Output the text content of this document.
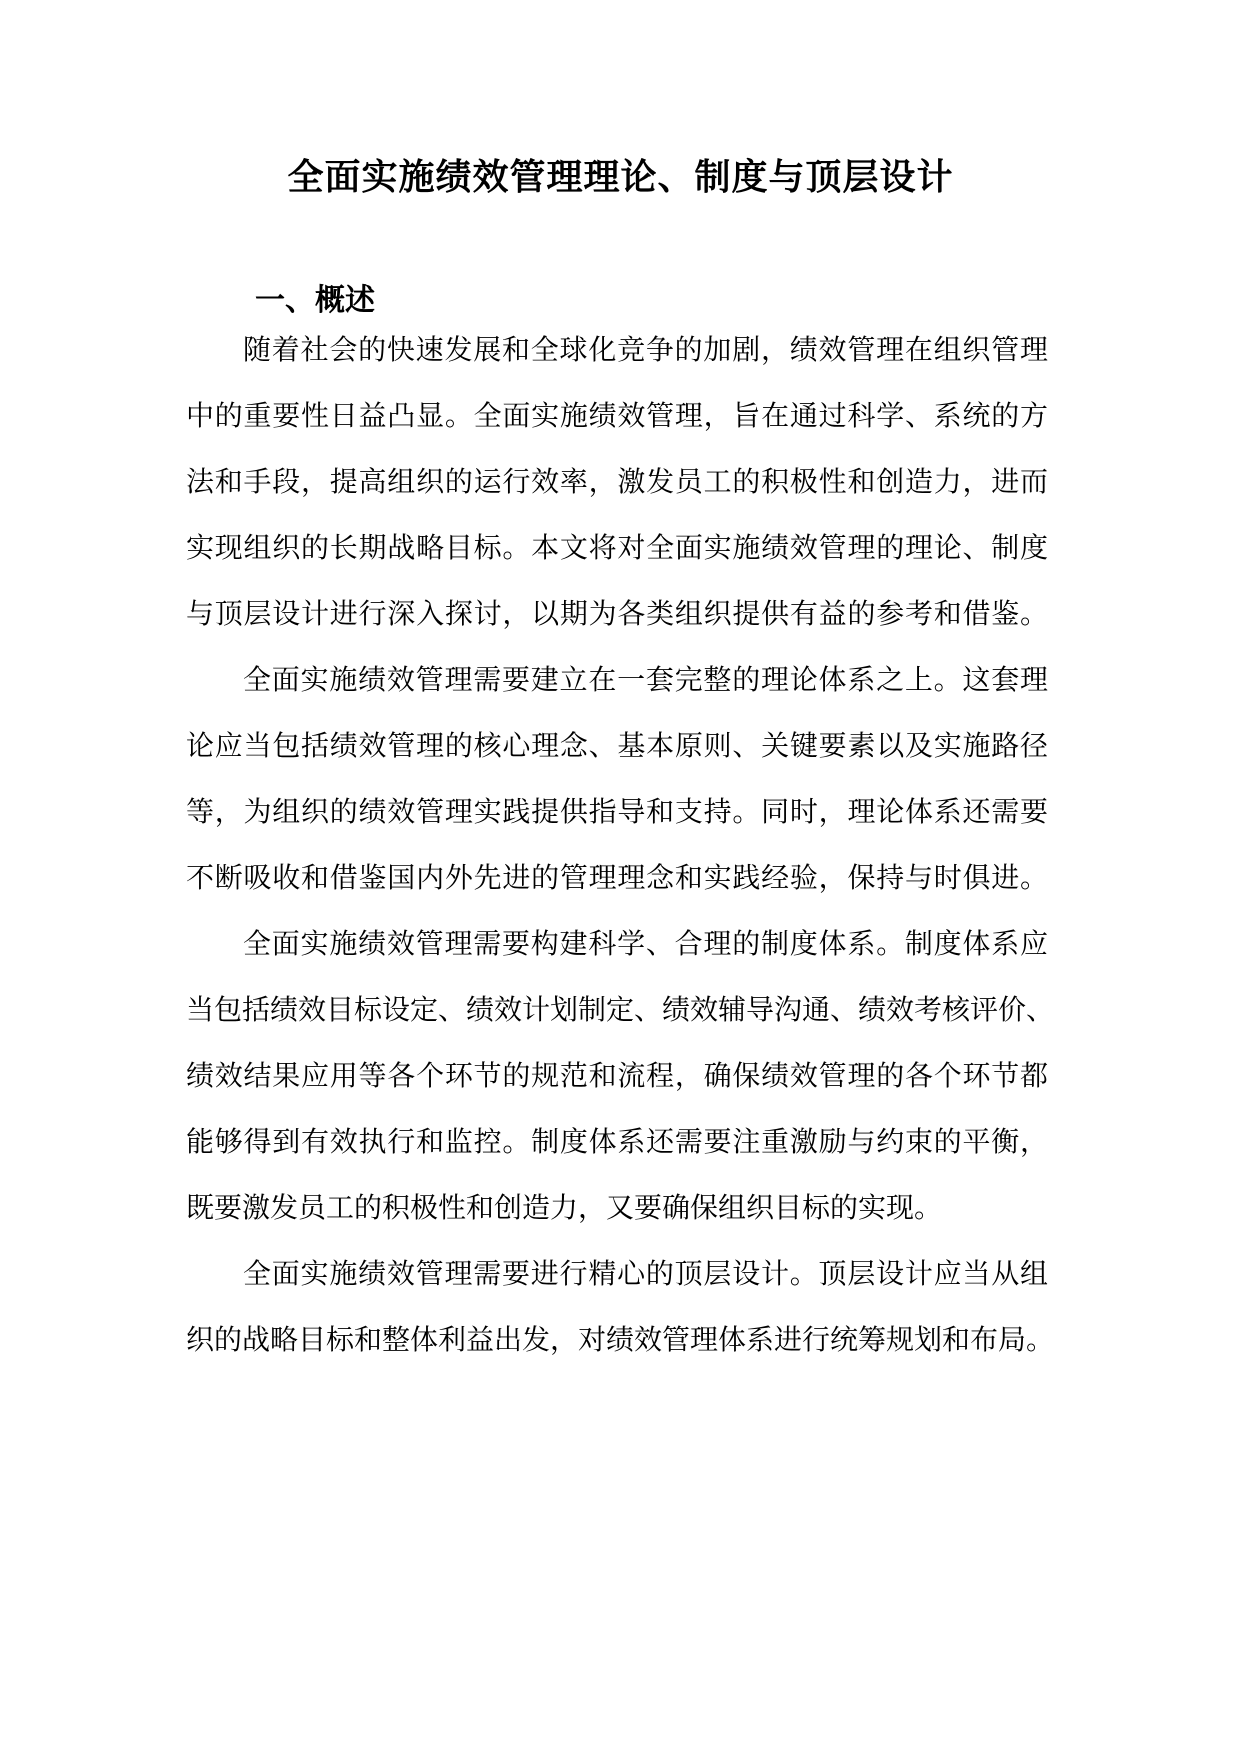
全面实施绩效管理理论、制度与顶层设计
一、概述
随着社会的快速发展和全球化竞争的加剧，绩效管理在组织管理
中的重要性日益凸显。全面实施绩效管理，旨在通过科学、系统的方
法和手段，提高组织的运行效率，激发员工的积极性和创造力，进而
实现组织的长期战略目标。本文将对全面实施绩效管理的理论、制度
与顶层设计进行深入探讨，以期为各类组织提供有益的参考和借鉴。
全面实施绩效管理需要建立在一套完整的理论体系之上。这套理
论应当包括绩效管理的核心理念、基本原则、关键要素以及实施路径
等，为组织的绩效管理实践提供指导和支持。同时，理论体系还需要
不断吸收和借鉴国内外先进的管理理念和实践经验，保持与时俱进。
全面实施绩效管理需要构建科学、合理的制度体系。制度体系应
当包括绩效目标设定、绩效计划制定、绩效辅导沟通、绩效考核评价、
绩效结果应用等各个环节的规范和流程，确保绩效管理的各个环节都
能够得到有效执行和监控。制度体系还需要注重激励与约束的平衡，
既要激发员工的积极性和创造力，又要确保组织目标的实现。
全面实施绩效管理需要进行精心的顶层设计。顶层设计应当从组
织的战略目标和整体利益出发，对绩效管理体系进行统筹规划和布局。
